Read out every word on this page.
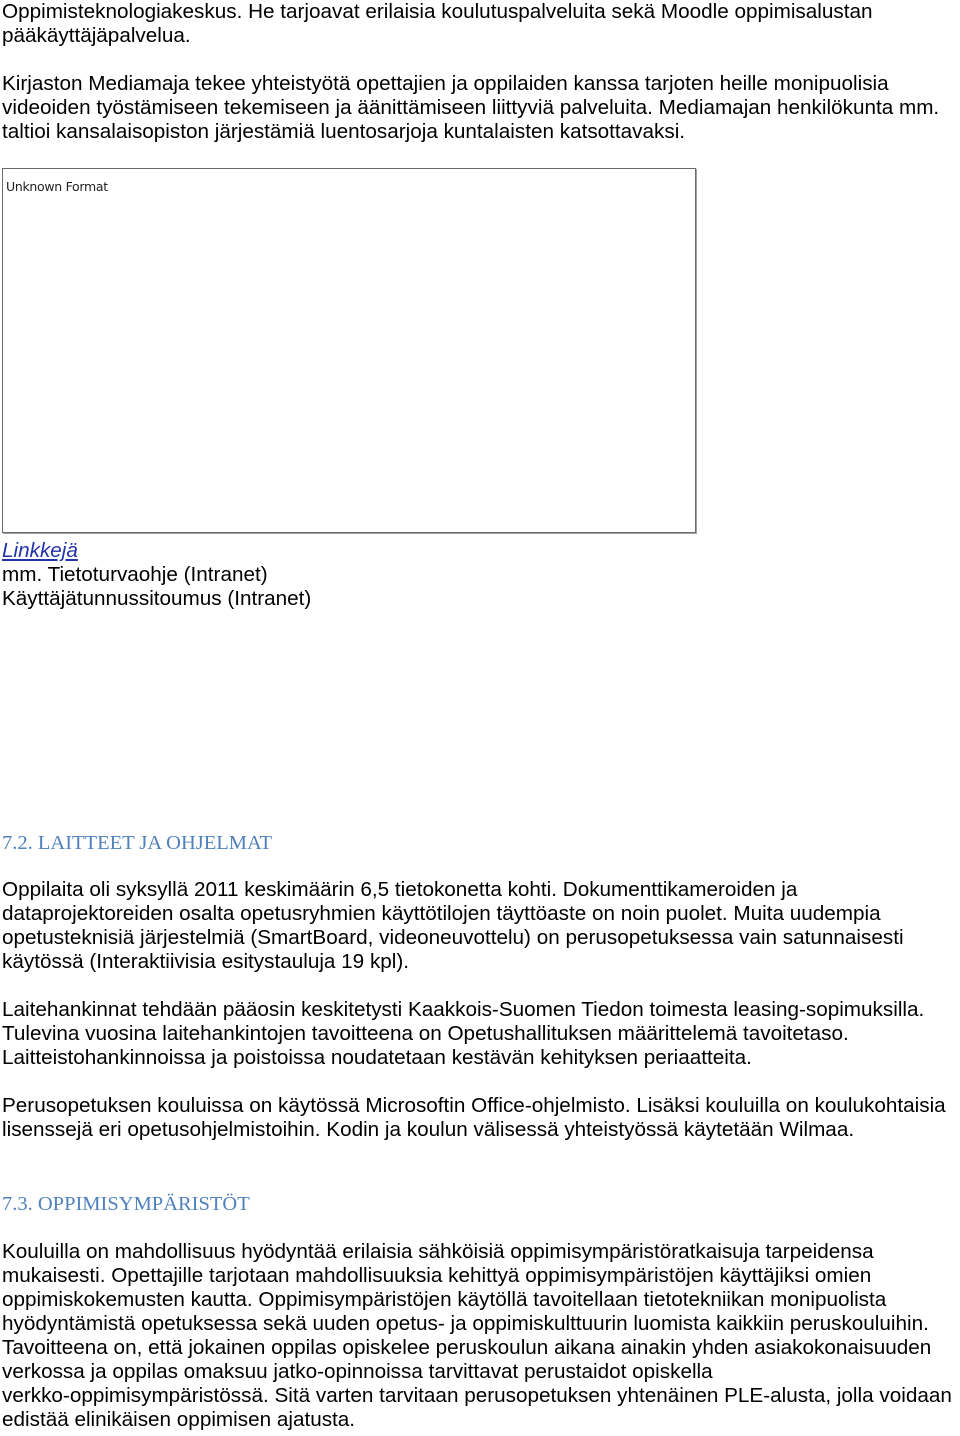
Oppimisteknologiakeskus. He tarjoavat erilaisia koulutuspalveluita sekä Moodle oppimisalustan
pääkäyttäjäpalvelua.
Kirjaston Mediamaja tekee yhteistyötä opettajien ja oppilaiden kanssa tarjoten heille monipuolisia
videoiden työstämiseen tekemiseen ja äänittämiseen liittyviä palveluita. Mediamajan henkilökunta mm.
taltioi kansalaisopiston järjestämiä luentosarjoja kuntalaisten katsottavaksi.
Unknown Format
Linkkejä
mm. Tietoturvaohje (Intranet)
Käyttäjätunnussitoumus (Intranet)
7.2. LAITTEET JA OHJELMAT
Oppilaita oli syksyllä 2011 keskimäärin 6,5 tietokonetta kohti. Dokumenttikameroiden ja
dataprojektoreiden osalta opetusryhmien käyttötilojen täyttöaste on noin puolet. Muita uudempia
opetusteknisiä järjestelmiä (SmartBoard, videoneuvottelu) on perusopetuksessa vain satunnaisesti
käytössä (Interaktiivisia esitystauluja 19 kpl).
Laitehankinnat tehdään pääosin keskitetysti Kaakkois-Suomen Tiedon toimesta leasing-sopimuksilla.
Tulevina vuosina laitehankintojen tavoitteena on Opetushallituksen määrittelemä tavoitetaso.
Laitteistohankinnoissa ja poistoissa noudatetaan kestävän kehityksen periaatteita.
Perusopetuksen kouluissa on käytössä Microsoftin Office-ohjelmisto. Lisäksi kouluilla on koulukohtaisia
lisenssejä eri opetusohjelmistoihin. Kodin ja koulun välisessä yhteistyössä käytetään Wilmaa.
7.3. OPPIMISYMPÄRISTÖT
Kouluilla on mahdollisuus hyödyntää erilaisia sähköisiä oppimisympäristöratkaisuja tarpeidensa
mukaisesti. Opettajille tarjotaan mahdollisuuksia kehittyä oppimisympäristöjen käyttäjiksi omien
oppimiskokemusten kautta. Oppimisympäristöjen käytöllä tavoitellaan tietotekniikan monipuolista
hyödyntämistä opetuksessa sekä uuden opetus- ja oppimiskulttuurin luomista kaikkiin peruskouluihin.
Tavoitteena on, että jokainen oppilas opiskelee peruskoulun aikana ainakin yhden asiakokonaisuuden
verkossa ja oppilas omaksuu jatko-opinnoissa tarvittavat perustaidot opiskella
verkko-oppimisympäristössä. Sitä varten tarvitaan perusopetuksen yhtenäinen PLE-alusta, jolla voidaan
edistää elinikäisen oppimisen ajatusta.
